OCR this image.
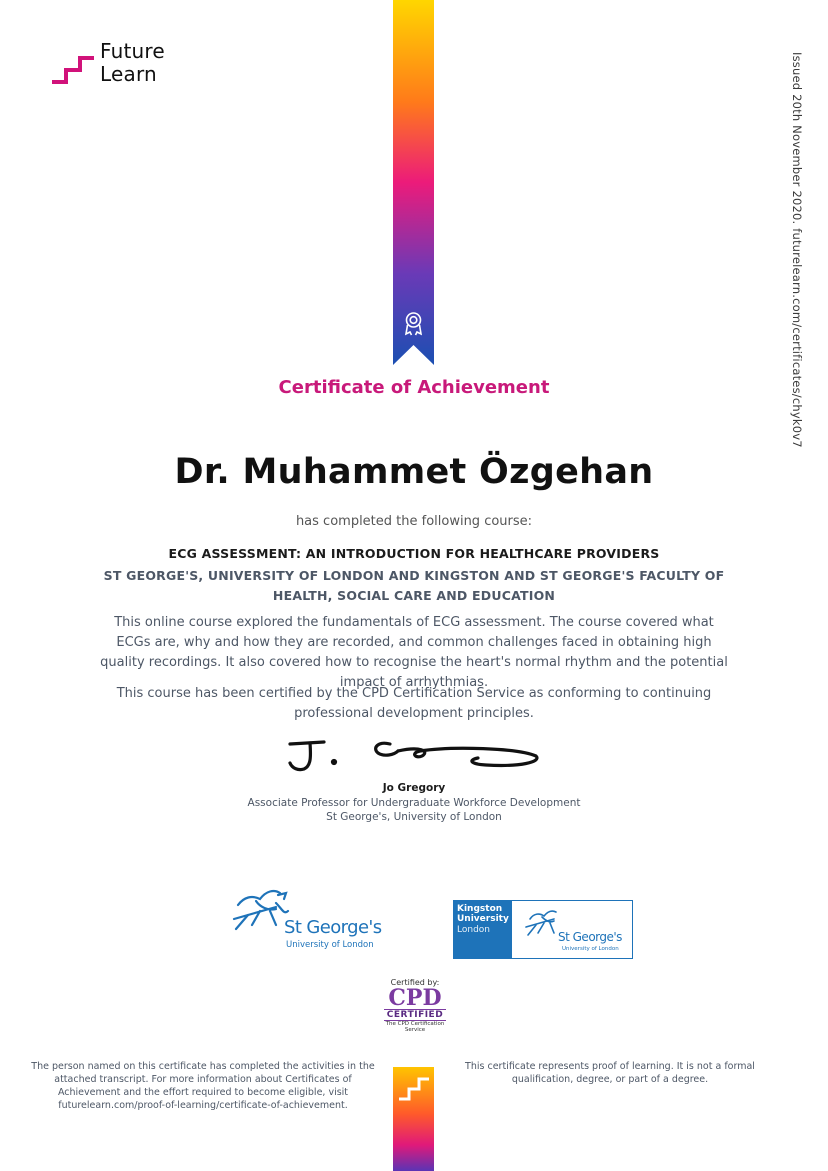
Future
Learn	Issued 20th November 2020. futurelearn.com/certificates/chyk0v7
Certificate of Achievement
Dr. Muhammet Özgehan
has completed the following course:
ECG ASSESSMENT: AN INTRODUCTION FOR HEALTHCARE PROVIDERS
ST GEORGE'S, UNIVERSITY OF LONDON AND KINGSTON AND ST GEORGE'S FACULTY OF HEALTH, SOCIAL CARE AND EDUCATION
This online course explored the fundamentals of ECG assessment. The course covered what ECGs are, why and how they are recorded, and common challenges faced in obtaining high quality recordings. It also covered how to recognise the heart's normal rhythm and the potential impact of arrhythmias.
This course has been certified by the CPD Certification Service as conforming to continuing professional development principles.
Jo Gregory
Associate Professor for Undergraduate Workforce Development
St George's, University of London
St George's
University of London
Kingston
University
London	St George's
University of London
Certified by:
CPD
CERTIFIED
The CPD Certification Service
The person named on this certificate has completed the activities in the attached transcript. For more information about Certificates of Achievement and the effort required to become eligible, visit futurelearn.com/proof-of-learning/certificate-of-achievement.
This certificate represents proof of learning. It is not a formal qualification, degree, or part of a degree.
